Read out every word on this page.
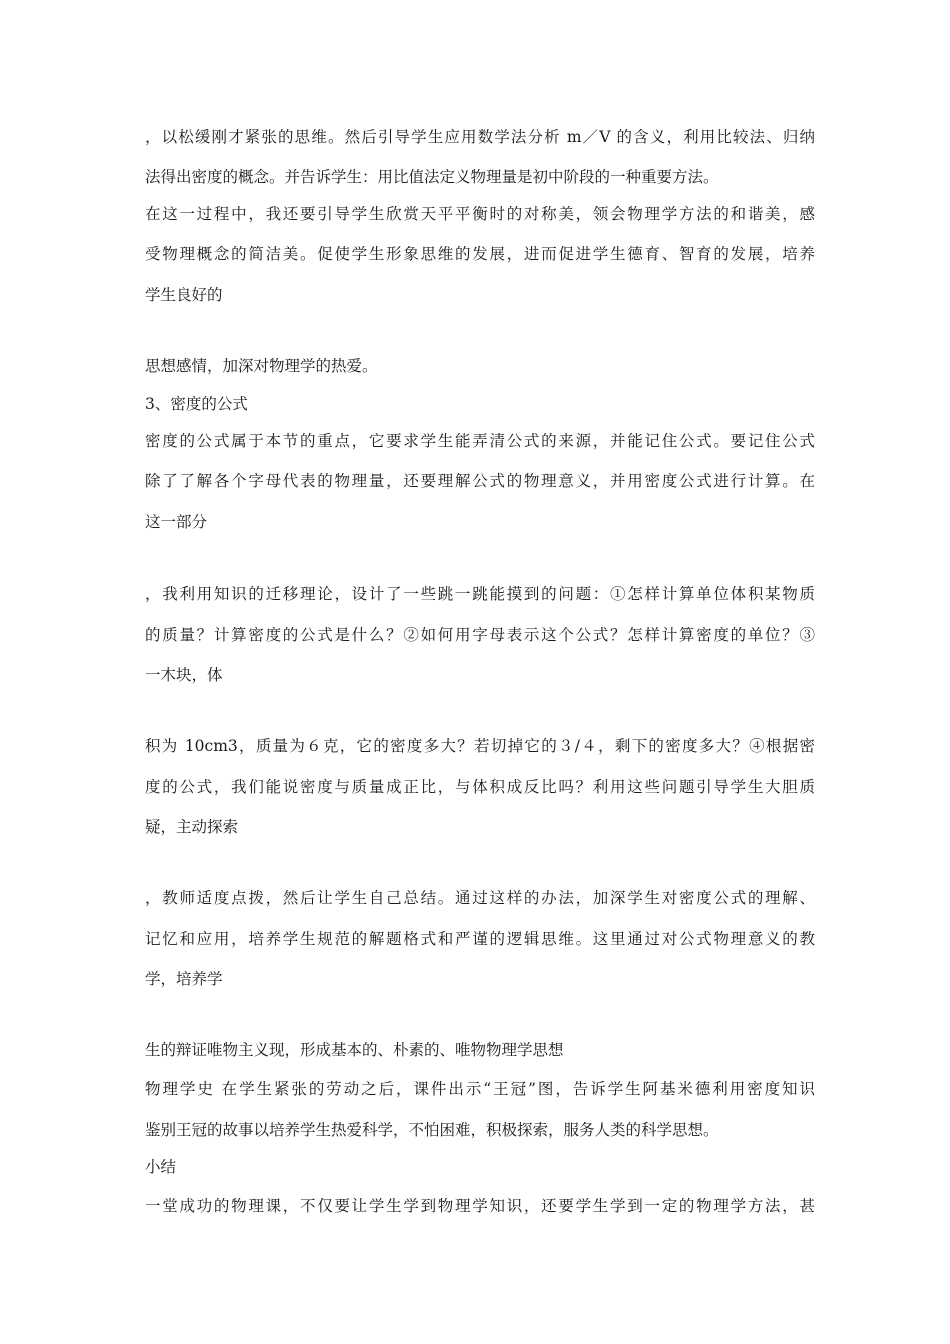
，以松缓刚才紧张的思维。然后引导学生应用数学法分析 m／V 的含义，利用比较法、归纳
法得出密度的概念。并告诉学生：用比值法定义物理量是初中阶段的一种重要方法。
在这一过程中，我还要引导学生欣赏天平平衡时的对称美，领会物理学方法的和谐美，感
受物理概念的简洁美。促使学生形象思维的发展，进而促进学生德育、智育的发展，培养
学生良好的
思想感情，加深对物理学的热爱。
3、密度的公式
密度的公式属于本节的重点，它要求学生能弄清公式的来源，并能记住公式。要记住公式
除了了解各个字母代表的物理量，还要理解公式的物理意义，并用密度公式进行计算。在
这一部分
，我利用知识的迁移理论，设计了一些跳一跳能摸到的问题：①怎样计算单位体积某物质
的质量？计算密度的公式是什么？②如何用字母表示这个公式？怎样计算密度的单位？③
一木块，体
积为 10cm3，质量为６克，它的密度多大？若切掉它的３/４，剩下的密度多大？④根据密
度的公式，我们能说密度与质量成正比，与体积成反比吗？利用这些问题引导学生大胆质
疑，主动探索
，教师适度点拨，然后让学生自己总结。通过这样的办法，加深学生对密度公式的理解、
记忆和应用，培养学生规范的解题格式和严谨的逻辑思维。这里通过对公式物理意义的教
学，培养学
生的辩证唯物主义现，形成基本的、朴素的、唯物物理学思想
物理学史 在学生紧张的劳动之后，课件出示“王冠”图，告诉学生阿基米德利用密度知识
鉴别王冠的故事以培养学生热爱科学，不怕困难，积极探索，服务人类的科学思想。
小结
一堂成功的物理课，不仅要让学生学到物理学知识，还要学生学到一定的物理学方法，甚
